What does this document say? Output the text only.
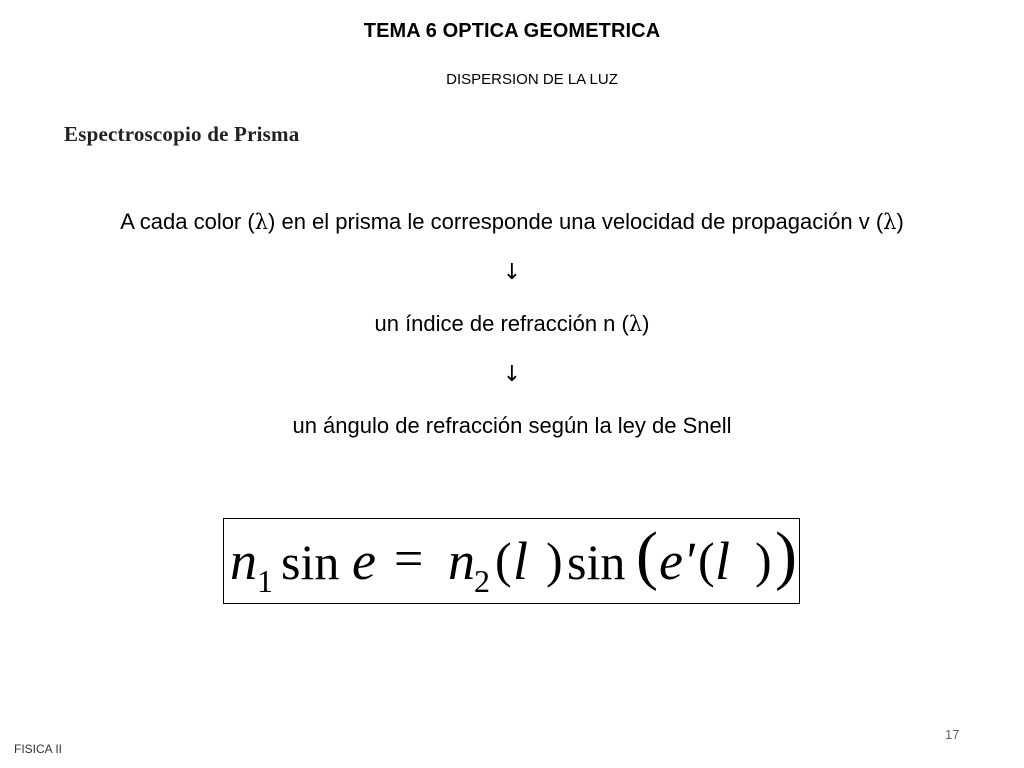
TEMA 6 OPTICA GEOMETRICA
DISPERSION DE LA LUZ
Espectroscopio de Prisma
A cada color (λ) en el prisma le corresponde una velocidad de propagación v (λ)
↓
un índice de refracción n (λ)
↓
un ángulo de refracción según la ley de Snell
n 1 sin e = n 2 ( l ) sin ( e' ( l ) )
FISICA II
17
